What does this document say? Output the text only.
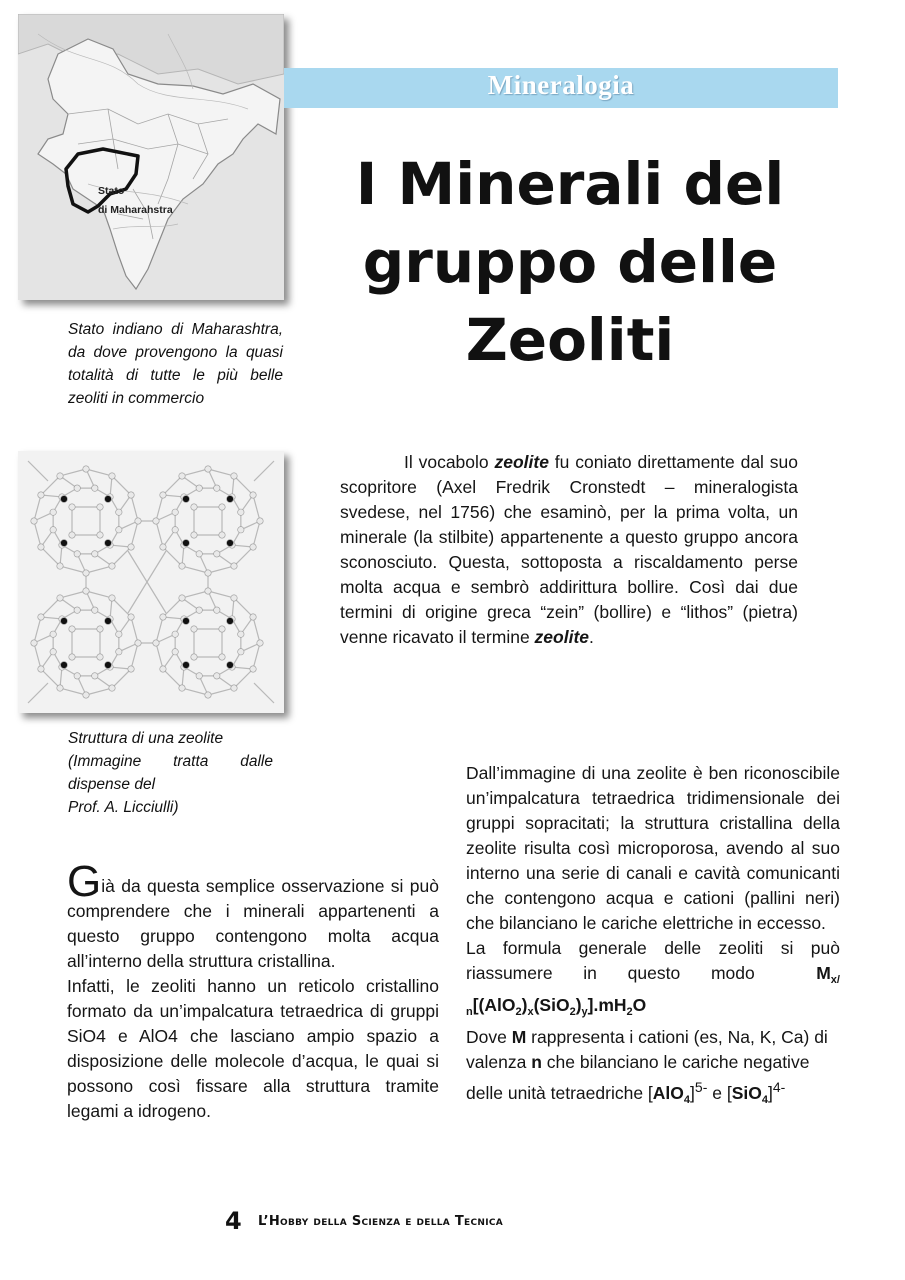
Stato
di Maharahstra

Stato indiano di Maharashtra, da dove provengono la quasi totalità di tutte le più belle zeoliti in commercio

Struttura di una zeolite
(Immagine tratta dalle
dispense del
Prof. A. Licciulli)
Mineralogia
I Minerali del
gruppo delle
Zeoliti

Il vocabolo zeolite fu coniato direttamente dal suo scopritore (Axel Fredrik Cronstedt – mineralogista svedese, nel 1756) che esaminò, per la prima volta, un minerale (la stilbite) appartenente a questo gruppo ancora sconosciuto. Questa, sottoposta a riscaldamento perse molta acqua e sembrò addirittura bollire. Così dai due termini di origine greca “zein” (bollire) e “lithos” (pietra) venne ricavato il termine zeolite.

Dall’immagine di una zeolite è ben riconoscibile un’impalcatura tetraedrica tridimensionale dei gruppi sopracitati; la struttura cristallina della zeolite risulta così microporosa, avendo al suo interno una serie di canali e cavità comunicanti che contengono acqua e cationi (pallini neri) che bilanciano le cariche elettriche in eccesso.
La formula generale delle zeoliti si può riassumere in questo modo  $M_{x/}$ $_n[(AlO_2)_x(SiO_2)_y].mH_2O$
Dove M rappresenta i cationi (es, Na, K, Ca) di valenza n che bilanciano le cariche negative delle unità tetraedriche $[AlO_4]^{5-}$ e $[SiO_4]^{4-}$
Già da questa semplice osservazione si può comprendere che i minerali appartenenti a questo gruppo contengono molta acqua all’interno della struttura cristallina.
Infatti, le zeoliti hanno un reticolo cristallino formato da un’impalcatura tetraedrica di gruppi SiO4 e AlO4 che lasciano ampio spazio a disposizione delle molecole d’acqua, le quai si possono così fissare alla struttura tramite legami a idrogeno.
4 L’Hobby della Scienza e della Tecnica
